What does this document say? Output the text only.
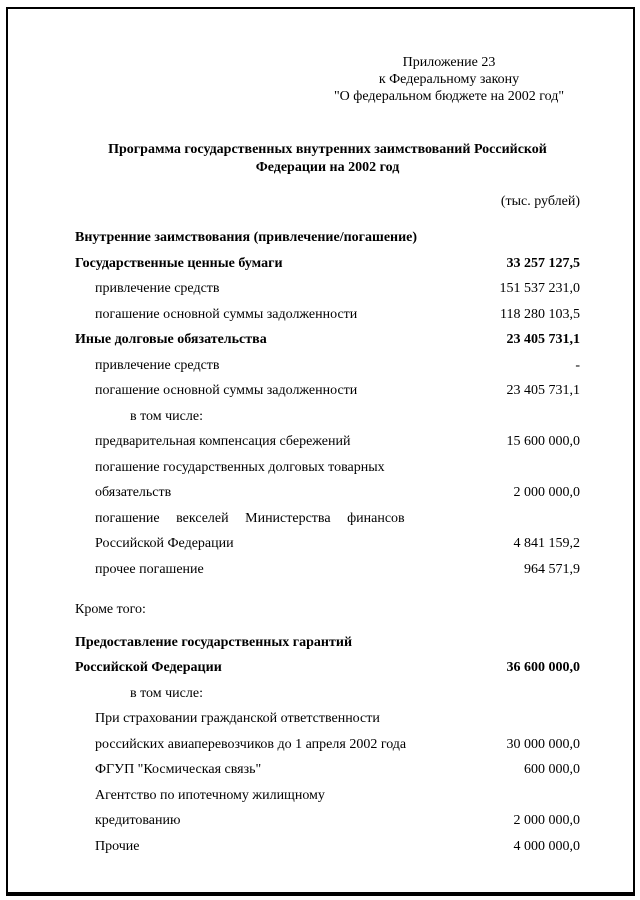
Приложение 23
к Федеральному закону
"О федеральном бюджете на 2002 год"
Программа государственных внутренних заимствований Российской Федерации на 2002 год
(тыс. рублей)
Внутренние заимствования (привлечение/погашение)
Государственные ценные бумаги	33 257 127,5
привлечение средств	151 537 231,0
погашение основной суммы задолженности	118 280 103,5
Иные долговые обязательства	23 405 731,1
привлечение средств	-
погашение основной суммы задолженности	23 405 731,1
в том числе:
предварительная компенсация сбережений	15 600 000,0
погашение государственных долговых товарных
обязательств	2 000 000,0
погашение векселей Министерства финансов
Российской Федерации	4 841 159,2
прочее погашение	964 571,9
Кроме того:
Предоставление государственных гарантий
Российской Федерации	36 600 000,0
в том числе:
При страховании гражданской ответственности
российских авиаперевозчиков до 1 апреля 2002 года	30 000 000,0
ФГУП "Космическая связь"	600 000,0
Агентство по ипотечному жилищному
кредитованию	2 000 000,0
Прочие	4 000 000,0
